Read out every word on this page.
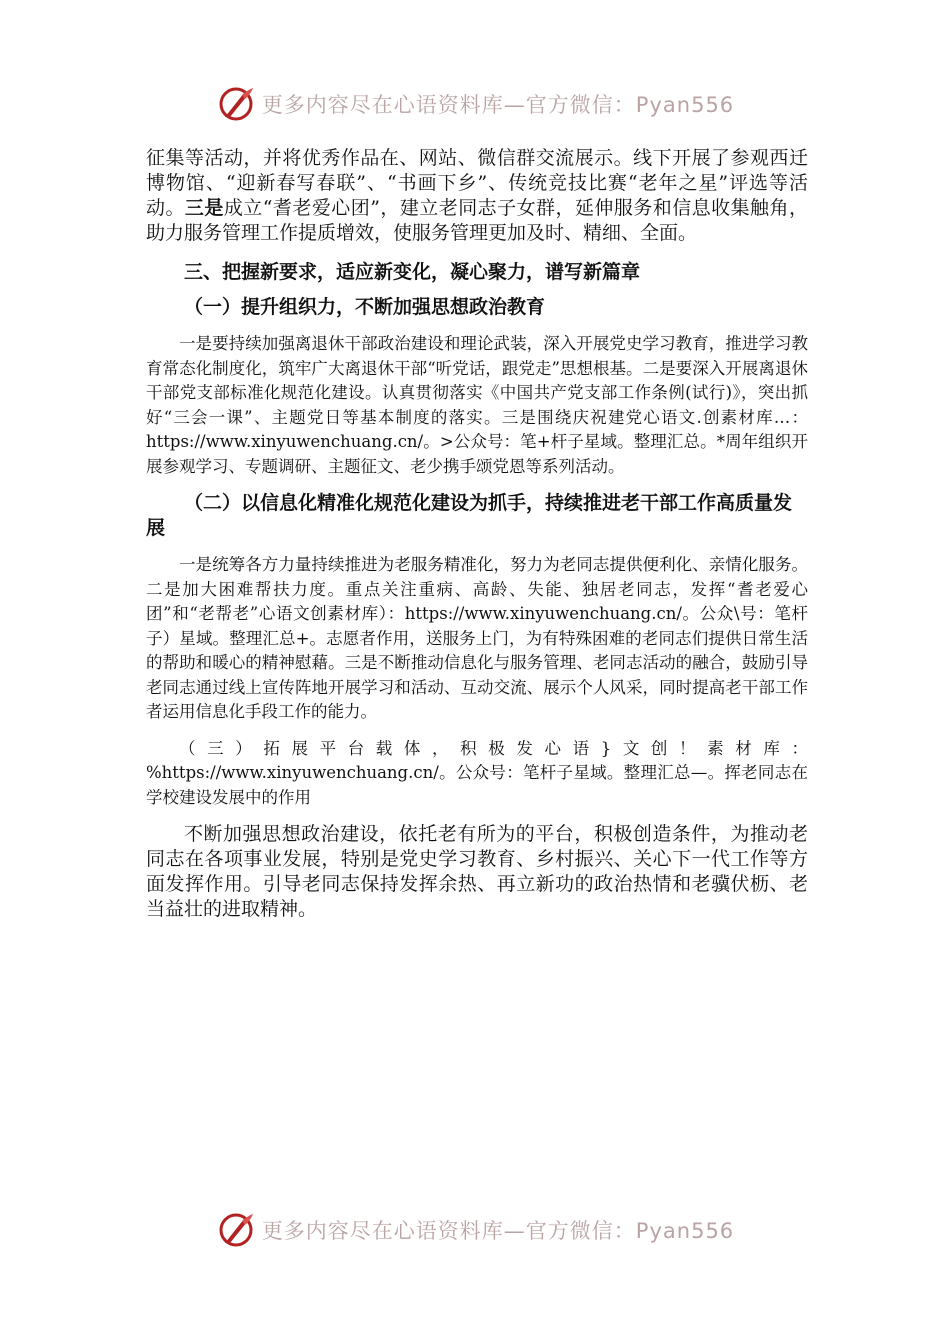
更多内容尽在心语资料库—官方微信：Pyan556

征集等活动，并将优秀作品在、网站、微信群交流展示。线下开展了参观西迁博物馆、“迎新春写春联”、“书画下乡”、传统竞技比赛“老年之星”评选等活动。三是成立“耆老爱心团”，建立老同志子女群，延伸服务和信息收集触角，助力服务管理工作提质增效，使服务管理更加及时、精细、全面。

三、把握新要求，适应新变化，凝心聚力，谱写新篇章

（一）提升组织力，不断加强思想政治教育

一是要持续加强离退休干部政治建设和理论武装，深入开展党史学习教育，推进学习教育常态化制度化，筑牢广大离退休干部“听党话，跟党走”思想根基。二是要深入开展离退休干部党支部标准化规范化建设。认真贯彻落实《中国共产党支部工作条例(试行)》，突出抓好“三会一课”、主题党日等基本制度的落实。三是围绕庆祝建党心语文.创素材库…：https://www.xinyuwenchuang.cn/。>公众号：笔+杆子星域。整理汇总。*周年组织开展参观学习、专题调研、主题征文、老少携手颂党恩等系列活动。

（二）以信息化精准化规范化建设为抓手，持续推进老干部工作高质量发展

一是统筹各方力量持续推进为老服务精准化，努力为老同志提供便利化、亲情化服务。二是加大困难帮扶力度。重点关注重病、高龄、失能、独居老同志，发挥“耆老爱心团”和“老帮老”心语文创素材库）：https://www.xinyuwenchuang.cn/。公众\号：笔杆子）星域。整理汇总+。志愿者作用，送服务上门，为有特殊困难的老同志们提供日常生活的帮助和暖心的精神慰藉。三是不断推动信息化与服务管理、老同志活动的融合，鼓励引导老同志通过线上宣传阵地开展学习和活动、互动交流、展示个人风采，同时提高老干部工作者运用信息化手段工作的能力。

（三）拓展平台载体，积极发心语}文创！素材库：%https://www.xinyuwenchuang.cn/。公众号：笔杆子星域。整理汇总—。挥老同志在学校建设发展中的作用

不断加强思想政治建设，依托老有所为的平台，积极创造条件，为推动老同志在各项事业发展，特别是党史学习教育、乡村振兴、关心下一代工作等方面发挥作用。引导老同志保持发挥余热、再立新功的政治热情和老骥伏枥、老当益壮的进取精神。

更多内容尽在心语资料库—官方微信：Pyan556
